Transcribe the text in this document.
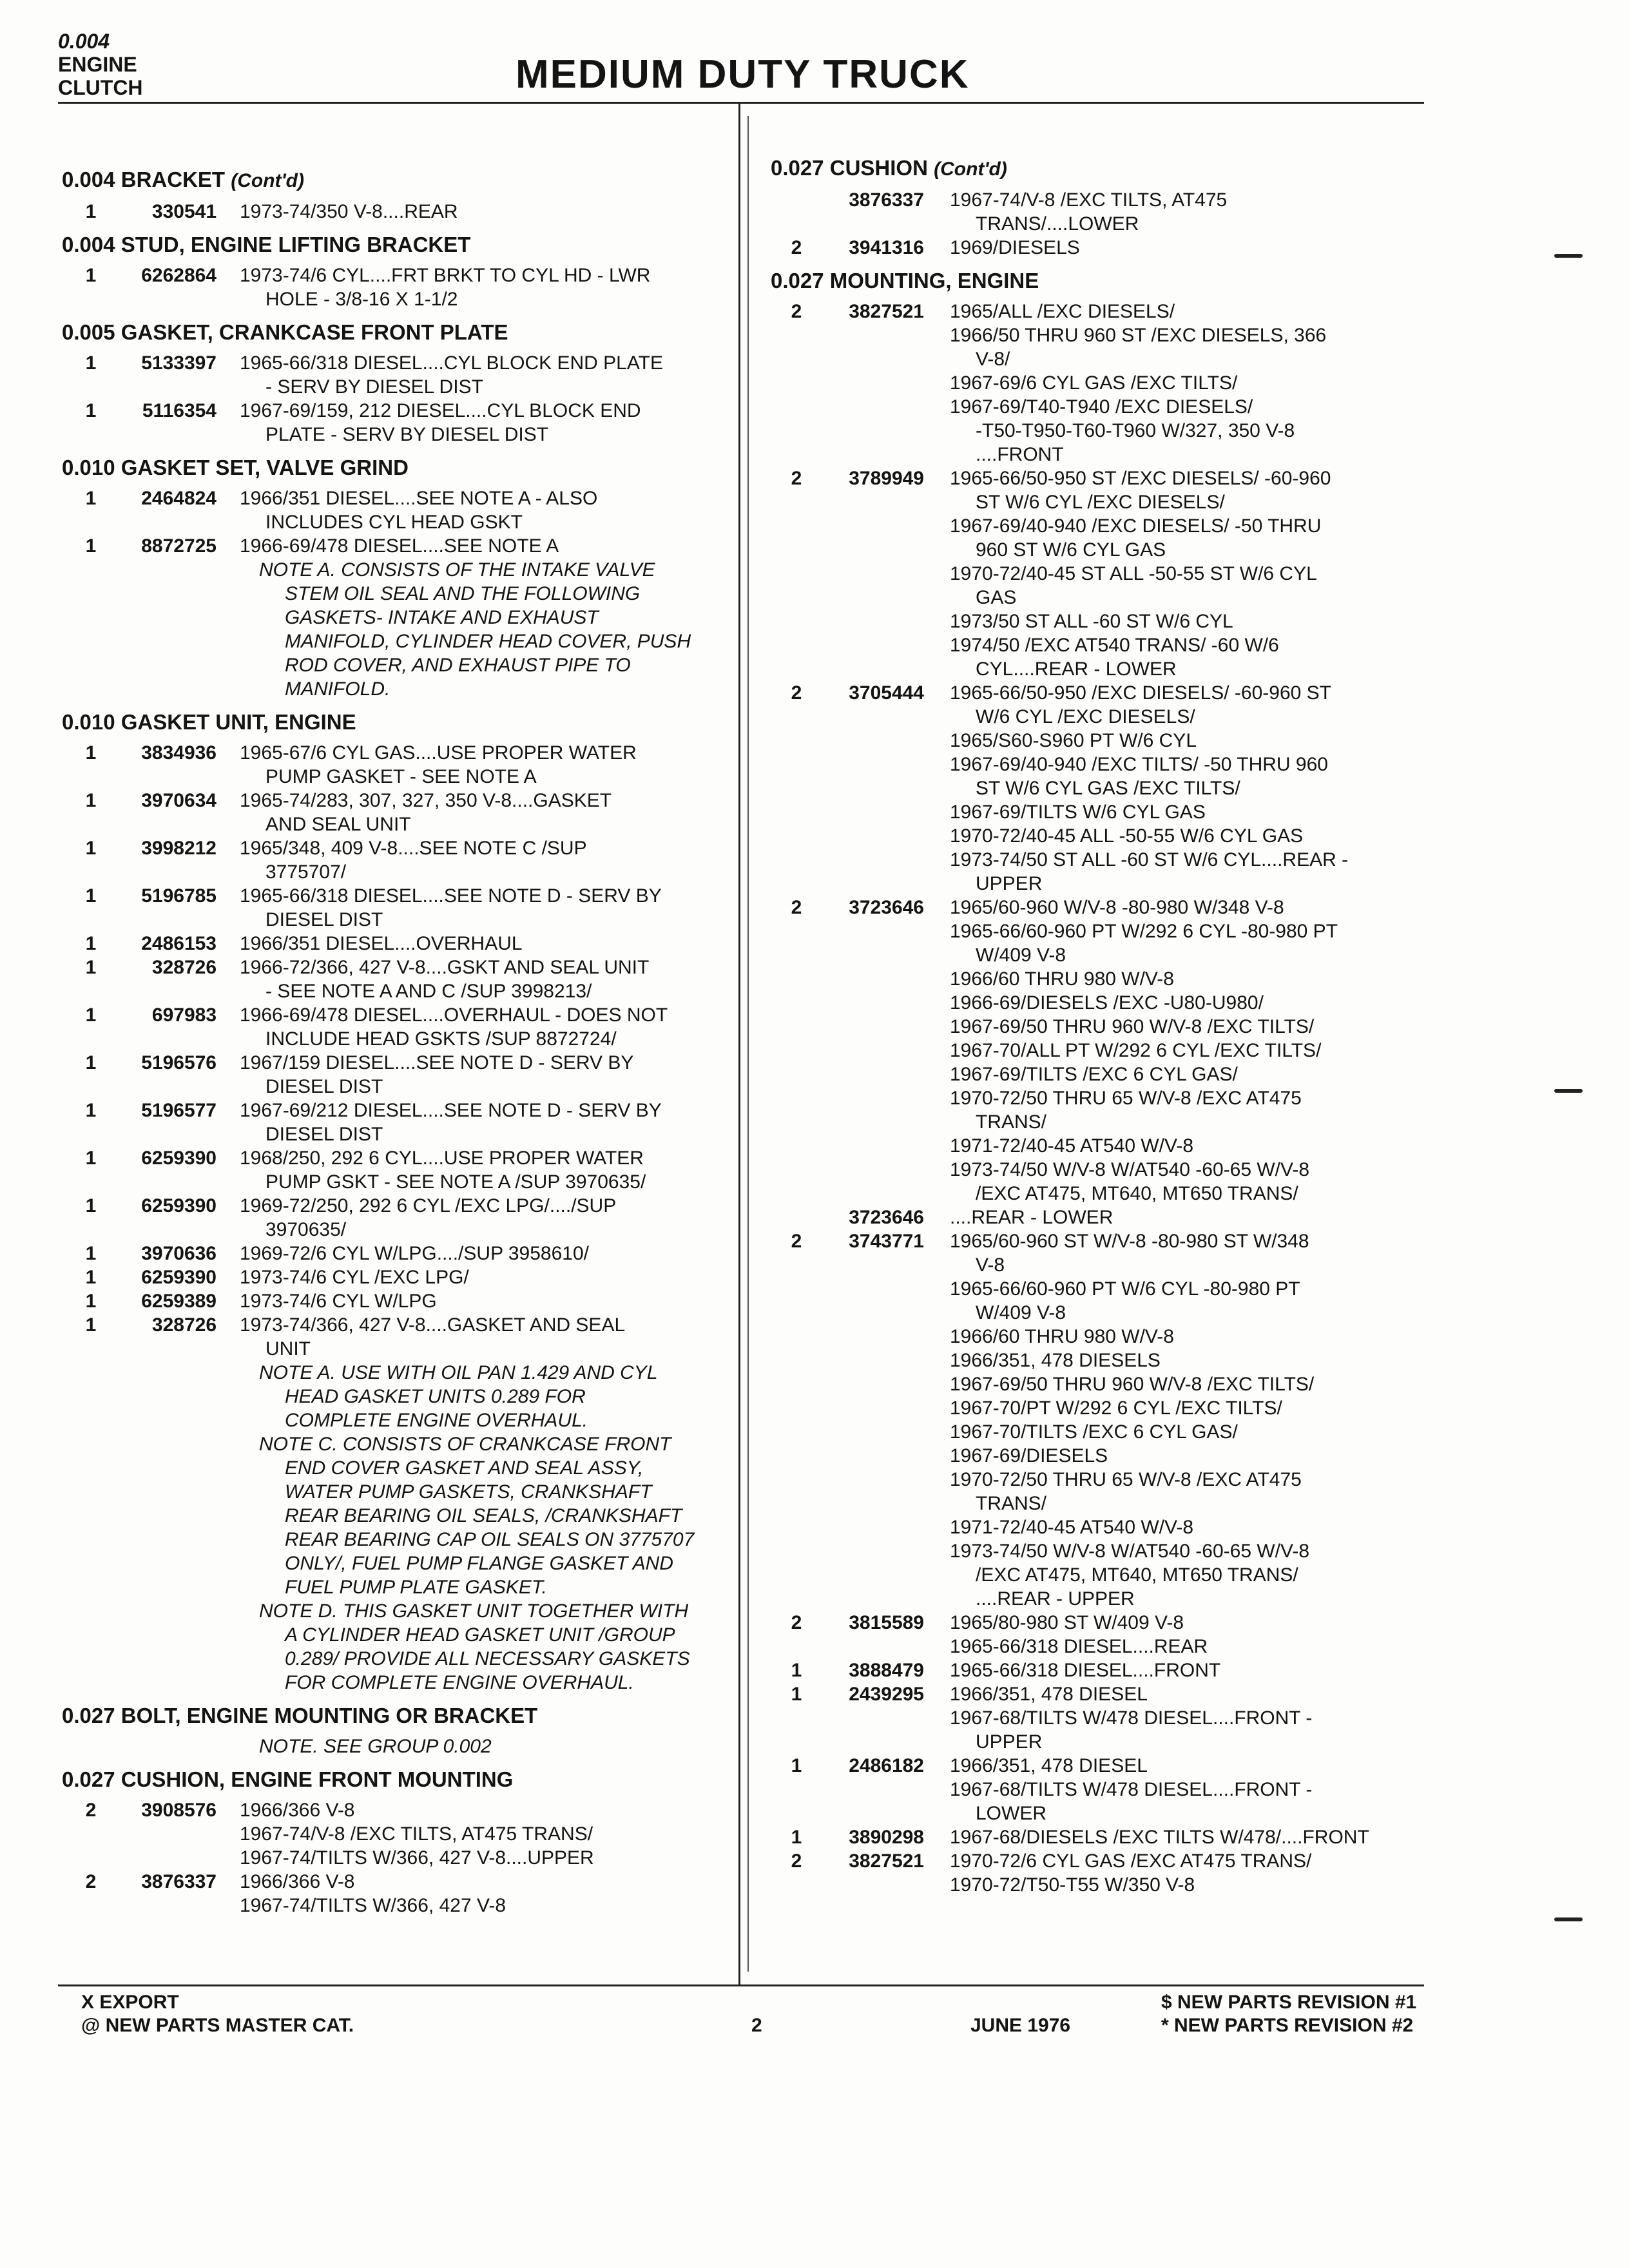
0.004
ENGINE
CLUTCH	MEDIUM DUTY TRUCK
0.004 BRACKET (Cont'd)
1	330541	1973-74/350 V-8....REAR
0.004 STUD, ENGINE LIFTING BRACKET
1	6262864	1973-74/6 CYL....FRT BRKT TO CYL HD - LWR
HOLE - 3/8-16 X 1-1/2
0.005 GASKET, CRANKCASE FRONT PLATE
1	5133397	1965-66/318 DIESEL....CYL BLOCK END PLATE
- SERV BY DIESEL DIST
1	5116354	1967-69/159, 212 DIESEL....CYL BLOCK END
PLATE - SERV BY DIESEL DIST
0.010 GASKET SET, VALVE GRIND
1	2464824	1966/351 DIESEL....SEE NOTE A - ALSO
INCLUDES CYL HEAD GSKT
1	8872725	1966-69/478 DIESEL....SEE NOTE A
NOTE A. CONSISTS OF THE INTAKE VALVE
STEM OIL SEAL AND THE FOLLOWING
GASKETS- INTAKE AND EXHAUST
MANIFOLD, CYLINDER HEAD COVER, PUSH
ROD COVER, AND EXHAUST PIPE TO
MANIFOLD.
0.010 GASKET UNIT, ENGINE
1	3834936	1965-67/6 CYL GAS....USE PROPER WATER
PUMP GASKET - SEE NOTE A
1	3970634	1965-74/283, 307, 327, 350 V-8....GASKET
AND SEAL UNIT
1	3998212	1965/348, 409 V-8....SEE NOTE C /SUP
3775707/
1	5196785	1965-66/318 DIESEL....SEE NOTE D - SERV BY
DIESEL DIST
1	2486153	1966/351 DIESEL....OVERHAUL
1	328726	1966-72/366, 427 V-8....GSKT AND SEAL UNIT
- SEE NOTE A AND C /SUP 3998213/
1	697983	1966-69/478 DIESEL....OVERHAUL - DOES NOT
INCLUDE HEAD GSKTS /SUP 8872724/
1	5196576	1967/159 DIESEL....SEE NOTE D - SERV BY
DIESEL DIST
1	5196577	1967-69/212 DIESEL....SEE NOTE D - SERV BY
DIESEL DIST
1	6259390	1968/250, 292 6 CYL....USE PROPER WATER
PUMP GSKT - SEE NOTE A /SUP 3970635/
1	6259390	1969-72/250, 292 6 CYL /EXC LPG/..../SUP
3970635/
1	3970636	1969-72/6 CYL W/LPG..../SUP 3958610/
1	6259390	1973-74/6 CYL /EXC LPG/
1	6259389	1973-74/6 CYL W/LPG
1	328726	1973-74/366, 427 V-8....GASKET AND SEAL
UNIT
NOTE A. USE WITH OIL PAN 1.429 AND CYL
HEAD GASKET UNITS 0.289 FOR
COMPLETE ENGINE OVERHAUL.
NOTE C. CONSISTS OF CRANKCASE FRONT
END COVER GASKET AND SEAL ASSY,
WATER PUMP GASKETS, CRANKSHAFT
REAR BEARING OIL SEALS, /CRANKSHAFT
REAR BEARING CAP OIL SEALS ON 3775707
ONLY/, FUEL PUMP FLANGE GASKET AND
FUEL PUMP PLATE GASKET.
NOTE D. THIS GASKET UNIT TOGETHER WITH
A CYLINDER HEAD GASKET UNIT /GROUP
0.289/ PROVIDE ALL NECESSARY GASKETS
FOR COMPLETE ENGINE OVERHAUL.
0.027 BOLT, ENGINE MOUNTING OR BRACKET
NOTE. SEE GROUP 0.002
0.027 CUSHION, ENGINE FRONT MOUNTING
2	3908576	1966/366 V-8
1967-74/V-8 /EXC TILTS, AT475 TRANS/
1967-74/TILTS W/366, 427 V-8....UPPER
2	3876337	1966/366 V-8
1967-74/TILTS W/366, 427 V-8
0.027 CUSHION (Cont'd)
3876337	1967-74/V-8 /EXC TILTS, AT475
TRANS/....LOWER
2	3941316	1969/DIESELS
0.027 MOUNTING, ENGINE
2	3827521	1965/ALL /EXC DIESELS/
1966/50 THRU 960 ST /EXC DIESELS, 366
V-8/
1967-69/6 CYL GAS /EXC TILTS/
1967-69/T40-T940 /EXC DIESELS/
-T50-T950-T60-T960 W/327, 350 V-8
....FRONT
2	3789949	1965-66/50-950 ST /EXC DIESELS/ -60-960
ST W/6 CYL /EXC DIESELS/
1967-69/40-940 /EXC DIESELS/ -50 THRU
960 ST W/6 CYL GAS
1970-72/40-45 ST ALL -50-55 ST W/6 CYL
GAS
1973/50 ST ALL -60 ST W/6 CYL
1974/50 /EXC AT540 TRANS/ -60 W/6
CYL....REAR - LOWER
2	3705444	1965-66/50-950 /EXC DIESELS/ -60-960 ST
W/6 CYL /EXC DIESELS/
1965/S60-S960 PT W/6 CYL
1967-69/40-940 /EXC TILTS/ -50 THRU 960
ST W/6 CYL GAS /EXC TILTS/
1967-69/TILTS W/6 CYL GAS
1970-72/40-45 ALL -50-55 W/6 CYL GAS
1973-74/50 ST ALL -60 ST W/6 CYL....REAR -
UPPER
2	3723646	1965/60-960 W/V-8 -80-980 W/348 V-8
1965-66/60-960 PT W/292 6 CYL -80-980 PT
W/409 V-8
1966/60 THRU 980 W/V-8
1966-69/DIESELS /EXC -U80-U980/
1967-69/50 THRU 960 W/V-8 /EXC TILTS/
1967-70/ALL PT W/292 6 CYL /EXC TILTS/
1967-69/TILTS /EXC 6 CYL GAS/
1970-72/50 THRU 65 W/V-8 /EXC AT475
TRANS/
1971-72/40-45 AT540 W/V-8
1973-74/50 W/V-8 W/AT540 -60-65 W/V-8
/EXC AT475, MT640, MT650 TRANS/
3723646	....REAR - LOWER
2	3743771	1965/60-960 ST W/V-8 -80-980 ST W/348
V-8
1965-66/60-960 PT W/6 CYL -80-980 PT
W/409 V-8
1966/60 THRU 980 W/V-8
1966/351, 478 DIESELS
1967-69/50 THRU 960 W/V-8 /EXC TILTS/
1967-70/PT W/292 6 CYL /EXC TILTS/
1967-70/TILTS /EXC 6 CYL GAS/
1967-69/DIESELS
1970-72/50 THRU 65 W/V-8 /EXC AT475
TRANS/
1971-72/40-45 AT540 W/V-8
1973-74/50 W/V-8 W/AT540 -60-65 W/V-8
/EXC AT475, MT640, MT650 TRANS/
....REAR - UPPER
2	3815589	1965/80-980 ST W/409 V-8
1965-66/318 DIESEL....REAR
1	3888479	1965-66/318 DIESEL....FRONT
1	2439295	1966/351, 478 DIESEL
1967-68/TILTS W/478 DIESEL....FRONT -
UPPER
1	2486182	1966/351, 478 DIESEL
1967-68/TILTS W/478 DIESEL....FRONT -
LOWER
1	3890298	1967-68/DIESELS /EXC TILTS W/478/....FRONT
2	3827521	1970-72/6 CYL GAS /EXC AT475 TRANS/
1970-72/T50-T55 W/350 V-8
X EXPORT
@ NEW PARTS MASTER CAT.	2	JUNE 1976
$ NEW PARTS REVISION #1
* NEW PARTS REVISION #2
